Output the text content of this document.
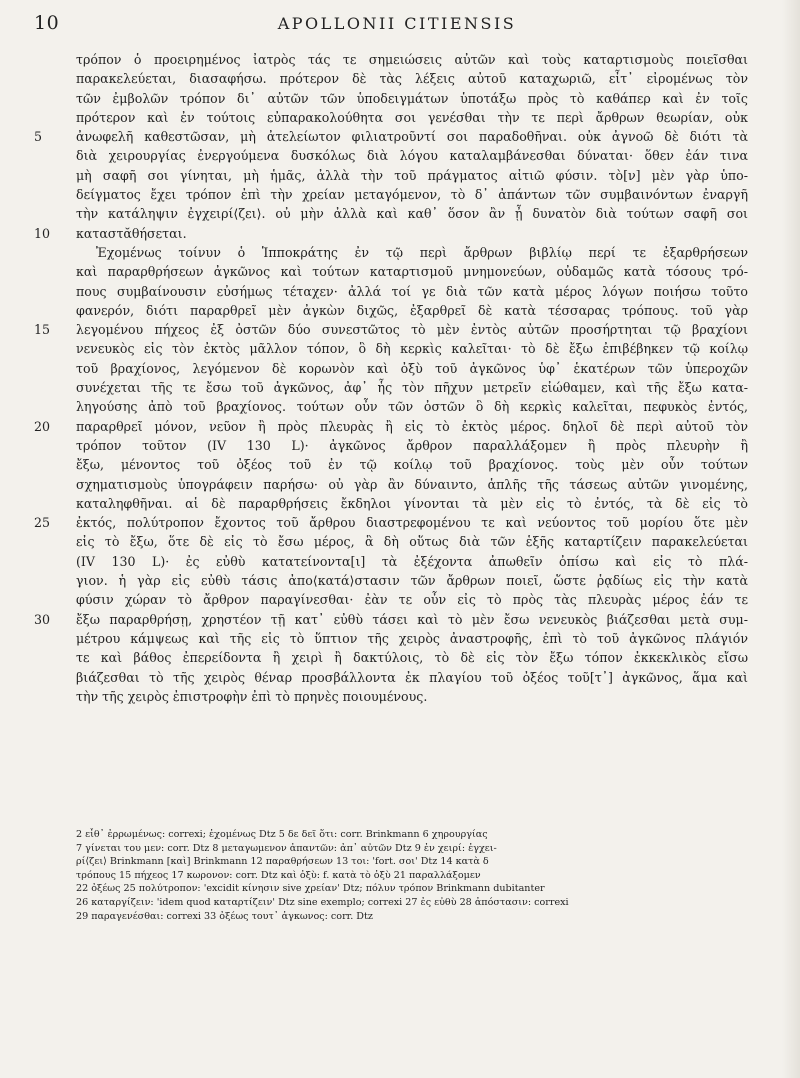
10	APOLLONII CITIENSIS
τρόπον ὁ προειρημένος ἰατρὸς τάς τε σημειώσεις αὐτῶν καὶ τοὺς καταρτισμοὺς ποιεῖσθαι
παρακελεύεται, διασαφήσω. πρότερον δὲ τὰς λέξεις αὐτοῦ καταχωριῶ, εἶτ᾽ εἰρομένως τὸν
τῶν ἐμβολῶν τρόπον δι᾽ αὐτῶν τῶν ὑποδειγμάτων ὑποτάξω πρὸς τὸ καθάπερ καὶ ἐν τοῖς
πρότερον καὶ ἐν τούτοις εὐπαρακολούθητα σοι γενέσθαι τὴν τε περὶ ἄρθρων θεωρίαν, οὐκ
5	ἀνωφελῆ καθεστῶσαν, μὴ ἀτελείωτον φιλιατροῦντί σοι παραδοθῆναι. οὐκ ἀγνοῶ δὲ διότι τὰ
διὰ χειρουργίας ἐνεργούμενα δυσκόλως διὰ λόγου καταλαμβάνεσθαι δύναται· ὅθεν ἐάν τινα
μὴ σαφῆ σοι γίνηται, μὴ ἡμᾶς, ἀλλὰ τὴν τοῦ πράγματος αἰτιῶ φύσιν. τὸ[ν] μὲν γὰρ ὑπο-
δείγματος ἔχει τρόπον ἐπὶ τὴν χρείαν μεταγόμενον, τὸ δ᾽ ἀπάντων τῶν συμβαινόντων ἐναργῆ
τὴν κατάληψιν ἐγχειρί⟨ζει⟩. οὐ μὴν ἀλλὰ καὶ καθ᾽ ὅσον ἂν ᾖ δυνατὸν διὰ τούτων σαφῆ σοι
10	καταστᾰθήσεται.
Ἐχομένως τοίνυν ὁ Ἱπποκράτης ἐν τῷ περὶ ἄρθρων βιβλίῳ περί τε ἐξαρθρήσεων
καὶ παραρθρήσεων ἀγκῶνος καὶ τούτων καταρτισμοῦ μνημονεύων, οὐδαμῶς κατὰ τόσους τρό-
πους συμβαίνουσιν εὐσήμως τέταχεν· ἀλλά τοί γε διὰ τῶν κατὰ μέρος λόγων ποιήσω τοῦτο
φανερόν, διότι παραρθρεῖ μὲν ἀγκὼν διχῶς, ἐξαρθρεῖ δὲ κατὰ τέσσαρας τρόπους. τοῦ γὰρ
15	λεγομένου πήχεος ἐξ ὀστῶν δύο συνεστῶτος τὸ μὲν ἐντὸς αὐτῶν προσήρτηται τῷ βραχίονι
νενευκὸς εἰς τὸν ἐκτὸς μᾶλλον τόπον, ὃ δὴ κερκὶς καλεῖται· τὸ δὲ ἔξω ἐπιβέβηκεν τῷ κοίλῳ
τοῦ βραχίονος, λεγόμενον δὲ κορωνὸν καὶ ὀξὺ τοῦ ἀγκῶνος ὑφ᾽ ἑκατέρων τῶν ὑπεροχῶν
συνέχεται τῆς τε ἔσω τοῦ ἀγκῶνος, ἀφ᾽ ἧς τὸν πῆχυν μετρεῖν εἰώθαμεν, καὶ τῆς ἔξω κατα-
ληγούσης ἀπὸ τοῦ βραχίονος. τούτων οὖν τῶν ὀστῶν ὃ δὴ κερκὶς καλεῖται, πεφυκὸς ἐντός,
20	παραρθρεῖ μόνον, νεῦον ἢ πρὸς πλευρὰς ἢ εἰς τὸ ἐκτὸς μέρος. δηλοῖ δὲ περὶ αὐτοῦ τὸν
τρόπον τοῦτον (IV 130 L)· ἀγκῶνος ἄρθρον παραλλάξομεν ἢ πρὸς πλευρὴν ἢ
ἔξω, μένοντος τοῦ ὀξέος τοῦ ἐν τῷ κοίλῳ τοῦ βραχίονος. τοὺς μὲν οὖν τούτων
σχηματισμοὺς ὑπογράφειν παρήσω· οὐ γὰρ ἂν δύναιντο, ἁπλῆς τῆς τάσεως αὐτῶν γινομένης,
καταληφθῆναι. αἱ δὲ παραρθρήσεις ἔκδηλοι γίνονται τὰ μὲν εἰς τὸ ἐντός, τὰ δὲ εἰς τὸ
25	ἐκτός, πολύτροπον ἔχοντος τοῦ ἄρθρου διαστρεφομένου τε καὶ νεύοντος τοῦ μορίου ὅτε μὲν
εἰς τὸ ἔξω, ὅτε δὲ εἰς τὸ ἔσω μέρος, ἃ δὴ οὕτως διὰ τῶν ἑξῆς καταρτίζειν παρακελεύεται
(IV 130 L)· ἐς εὐθὺ κατατείνοντα[ι] τὰ ἐξέχοντα ἀπωθεῖν ὀπίσω καὶ εἰς τὸ πλά-
γιον. ἡ γὰρ εἰς εὐθὺ τάσις ἀπο⟨κατά⟩στασιν τῶν ἄρθρων ποιεῖ, ὥστε ῥᾳδίως εἰς τὴν κατὰ
φύσιν χώραν τὸ ἄρθρον παραγίνεσθαι· ἐὰν τε οὖν εἰς τὸ πρὸς τὰς πλευρὰς μέρος ἐάν τε
30	ἔξω παραρθρήσῃ, χρηστέον τῇ κατ᾽ εὐθὺ τάσει καὶ τὸ μὲν ἔσω νενευκὸς βιάζεσθαι μετὰ συμ-
μέτρου κάμψεως καὶ τῆς εἰς τὸ ὕπτιον τῆς χειρὸς ἀναστροφῆς, ἐπὶ τὸ τοῦ ἀγκῶνος πλάγιόν
τε καὶ βάθος ἐπερείδοντα ἢ χειρὶ ἢ δακτύλοις, τὸ δὲ εἰς τὸν ἔξω τόπον ἐκκεκλικὸς εἴσω
βιάζεσθαι τὸ τῆς χειρὸς θέναρ προσβάλλοντα ἐκ πλαγίου τοῦ ὀξέος τοῦ[τ᾽] ἀγκῶνος, ἅμα καὶ
τὴν τῆς χειρὸς ἐπιστροφὴν ἐπὶ τὸ πρηνὲς ποιουμένους.
2 εἶθ᾽ ἐρρωμένως: correxi; ἐχομένως Dtz 5 δε δεῖ ὅτι: corr. Brinkmann 6 χηρουργίας
7 γίνεται του μεν: corr. Dtz 8 μεταγωμενον ἀπαντῶν: ἀπ᾽ αὐτῶν Dtz 9 ἐν χειρί: ἐγχει-
ρί⟨ζει⟩ Brinkmann [καὶ] Brinkmann 12 παραθρήσεων 13 τοι: 'fort. σοι' Dtz 14 κατὰ δ
τρόπους 15 πήχεος 17 κωρονον: corr. Dtz καὶ ὀξὺ: f. κατὰ τὸ ὀξὺ 21 παραλλάξομεν
22 ὀξέως 25 πολύτροπον: 'excidit κίνησιν sive χρείαν' Dtz; πόλυν τρόπον Brinkmann dubitanter
26 καταργίζειν: 'idem quod καταρτίζειν' Dtz sine exemplo; correxi 27 ἐς εὐθὺ 28 ἀπόστασιν: correxi
29 παραγενέσθαι: correxi 33 ὀξέως τουτ᾽ ἀγκωνος: corr. Dtz
